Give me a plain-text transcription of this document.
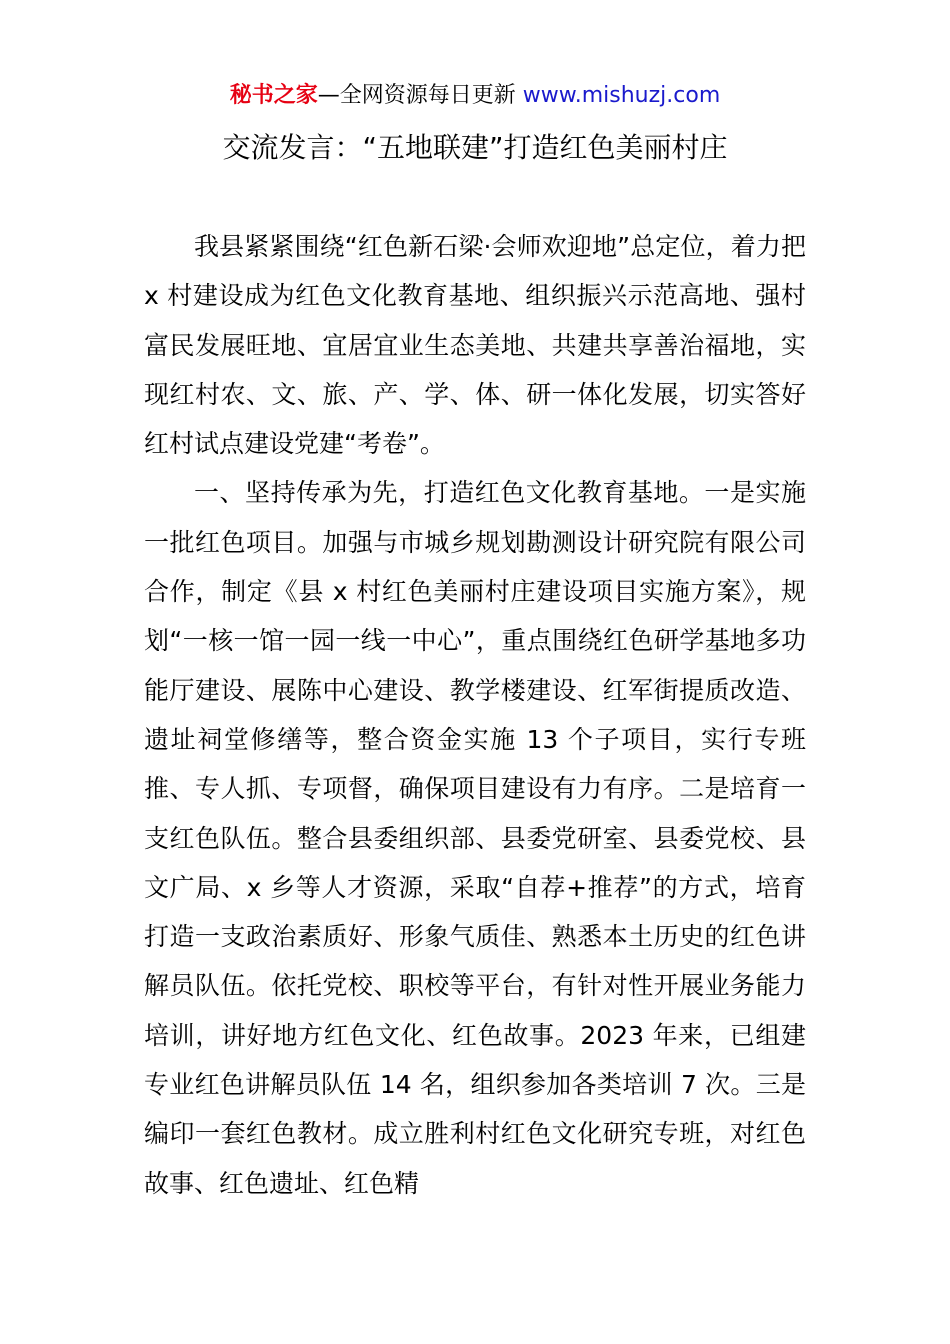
秘书之家—全网资源每日更新 www.mishuzj.com
交流发言：“五地联建”打造红色美丽村庄

我县紧紧围绕“红色新石梁·会师欢迎地”总定位，着力把 x 村建设成为红色文化教育基地、组织振兴示范高地、强村富民发展旺地、宜居宜业生态美地、共建共享善治福地，实现红村农、文、旅、产、学、体、研一体化发展，切实答好红村试点建设党建“考卷”。

一、坚持传承为先，打造红色文化教育基地。一是实施一批红色项目。加强与市城乡规划勘测设计研究院有限公司合作，制定《县 x 村红色美丽村庄建设项目实施方案》，规划“一核一馆一园一线一中心”，重点围绕红色研学基地多功能厅建设、展陈中心建设、教学楼建设、红军街提质改造、遗址祠堂修缮等，整合资金实施 13 个子项目，实行专班推、专人抓、专项督，确保项目建设有力有序。二是培育一支红色队伍。整合县委组织部、县委党研室、县委党校、县文广局、x 乡等人才资源，采取“自荐+推荐”的方式，培育打造一支政治素质好、形象气质佳、熟悉本土历史的红色讲解员队伍。依托党校、职校等平台，有针对性开展业务能力培训，讲好地方红色文化、红色故事。2023 年来，已组建专业红色讲解员队伍 14 名，组织参加各类培训 7 次。三是编印一套红色教材。成立胜利村红色文化研究专班，对红色故事、红色遗址、红色精
